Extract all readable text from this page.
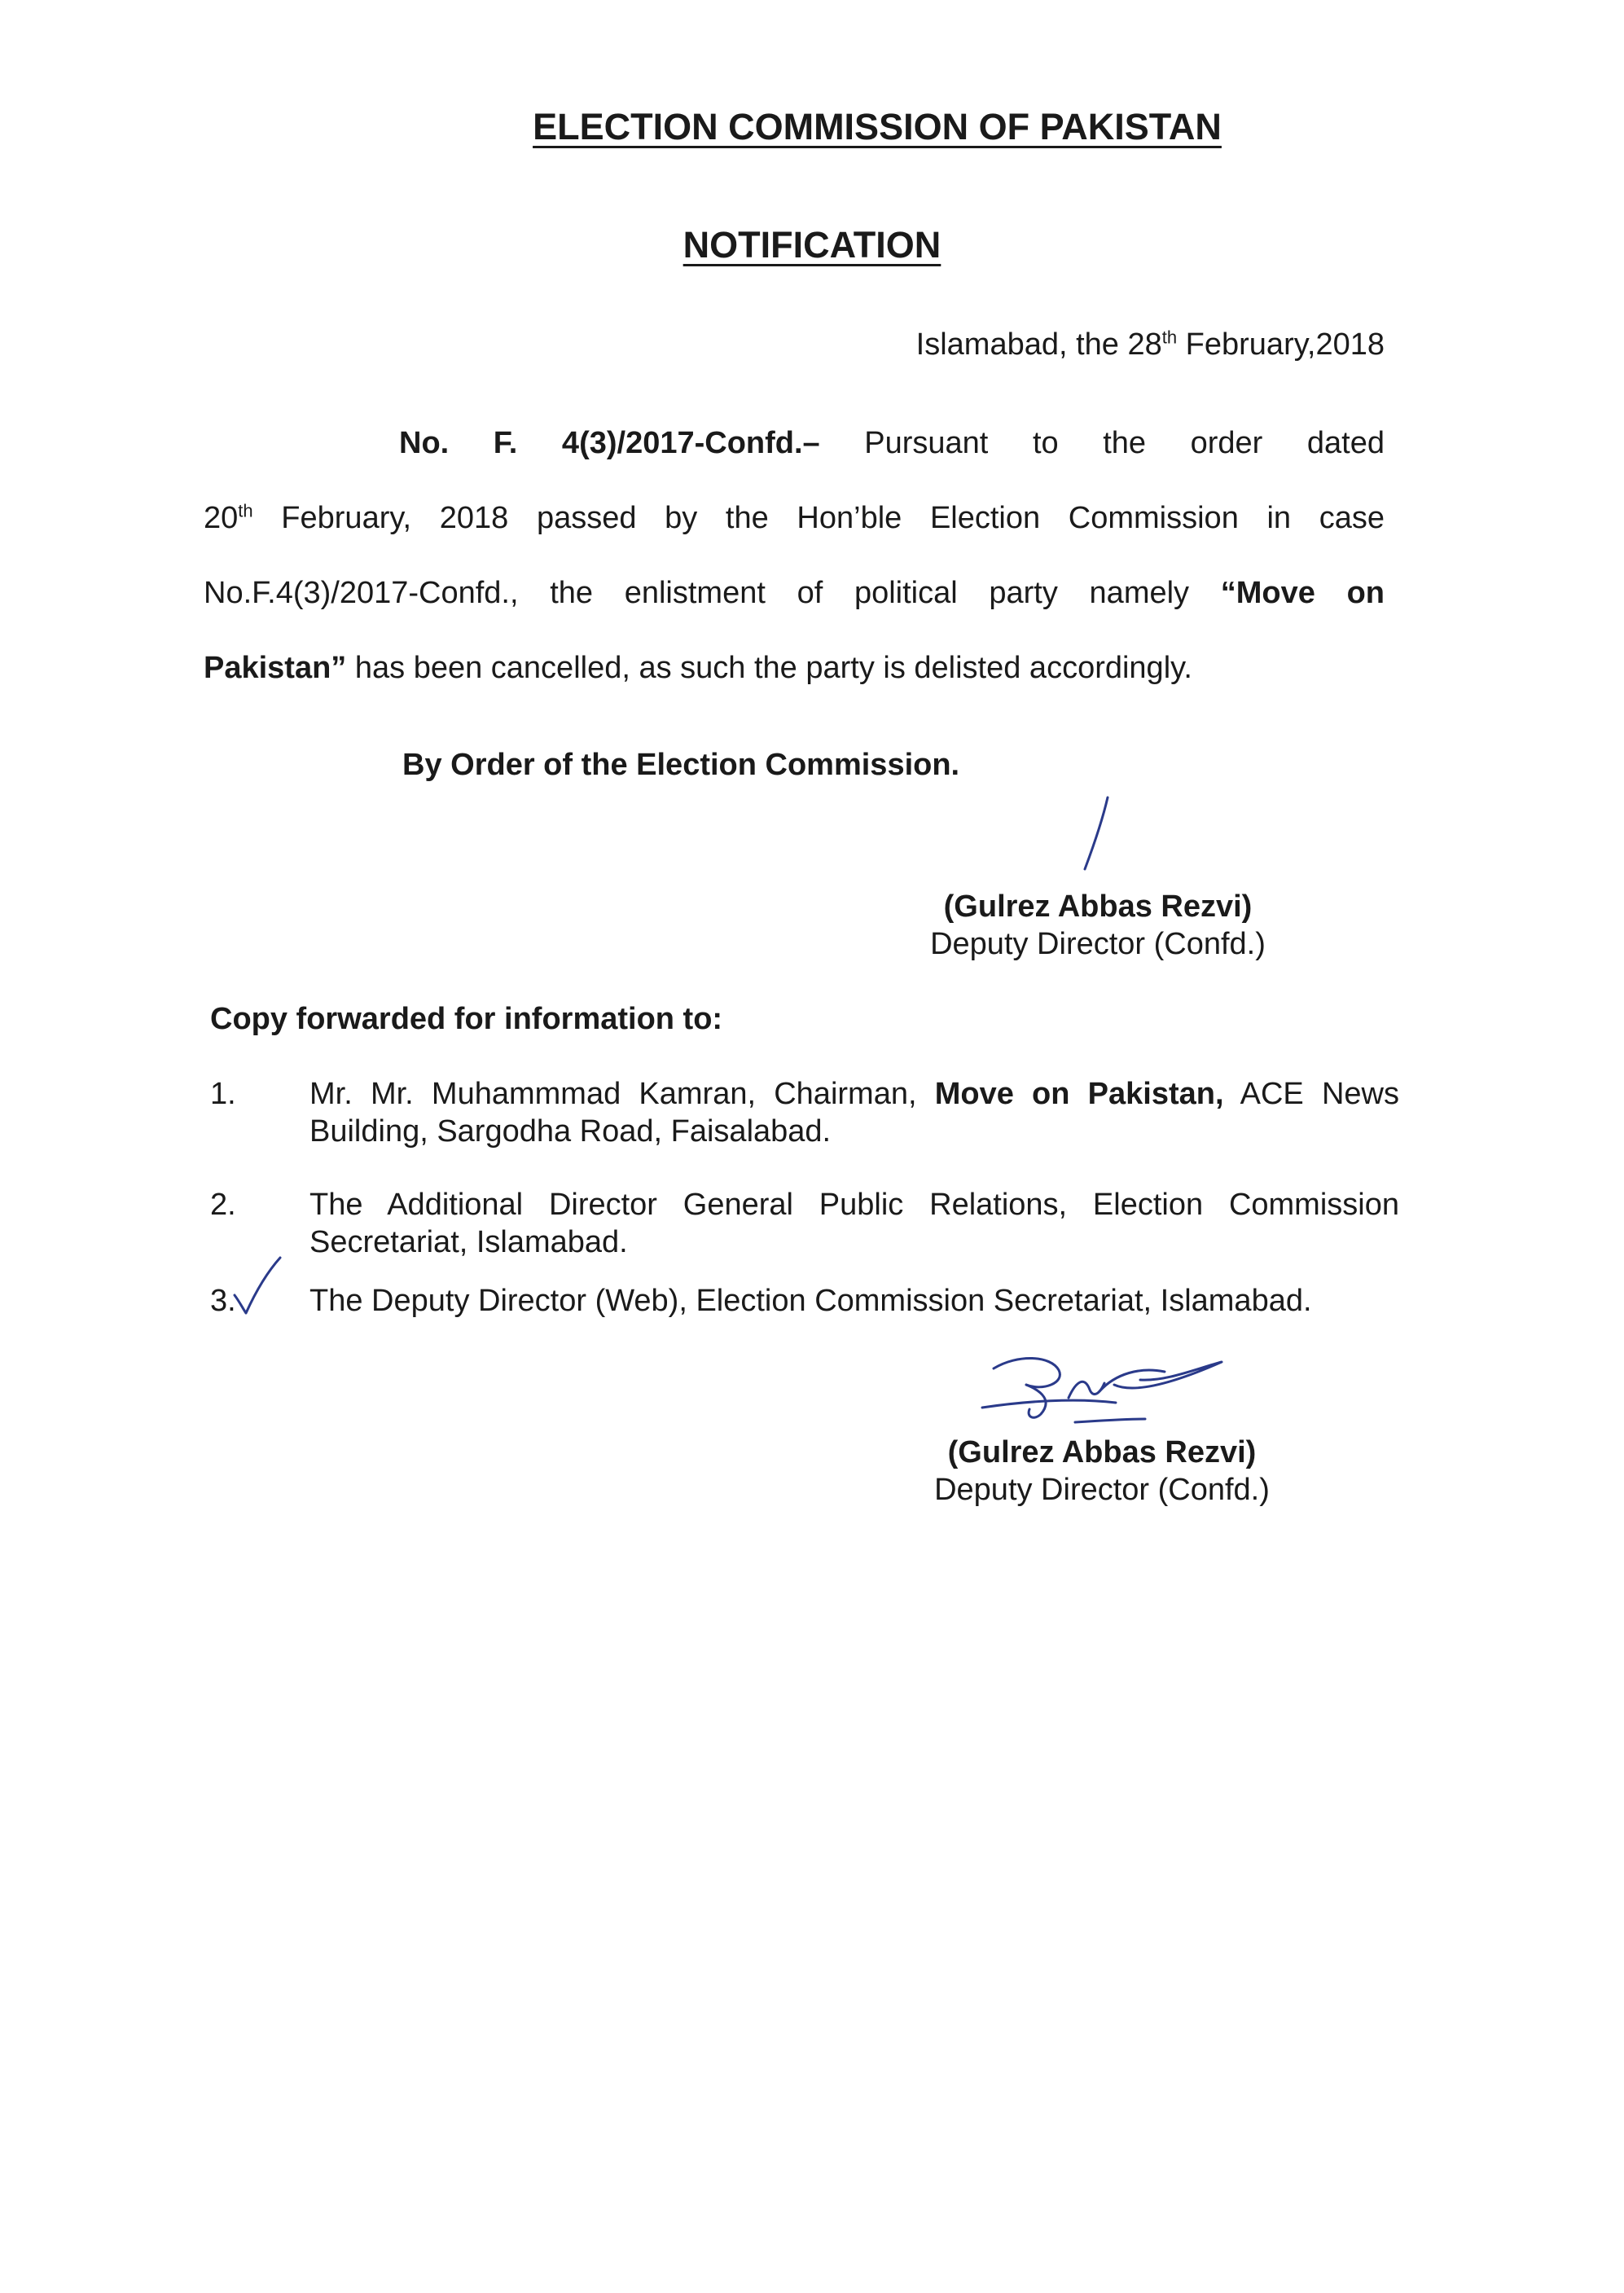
ELECTION COMMISSION OF PAKISTAN
NOTIFICATION
Islamabad, the 28th February,2018
No. F. 4(3)/2017-Confd.– Pursuant to the order dated
20th February, 2018 passed by the Hon’ble Election Commission in case
No.F.4(3)/2017-Confd., the enlistment of political party namely “Move on
Pakistan” has been cancelled, as such the party is delisted accordingly.
By Order of the Election Commission.
(Gulrez Abbas Rezvi)
Deputy Director (Confd.)
Copy forwarded for information to:
1. Mr. Mr. Muhammmad Kamran, Chairman, Move on Pakistan, ACE News Building, Sargodha Road, Faisalabad.
2. The Additional Director General Public Relations, Election Commission Secretariat, Islamabad.
3. The Deputy Director (Web), Election Commission Secretariat, Islamabad.
(Gulrez Abbas Rezvi)
Deputy Director (Confd.)
